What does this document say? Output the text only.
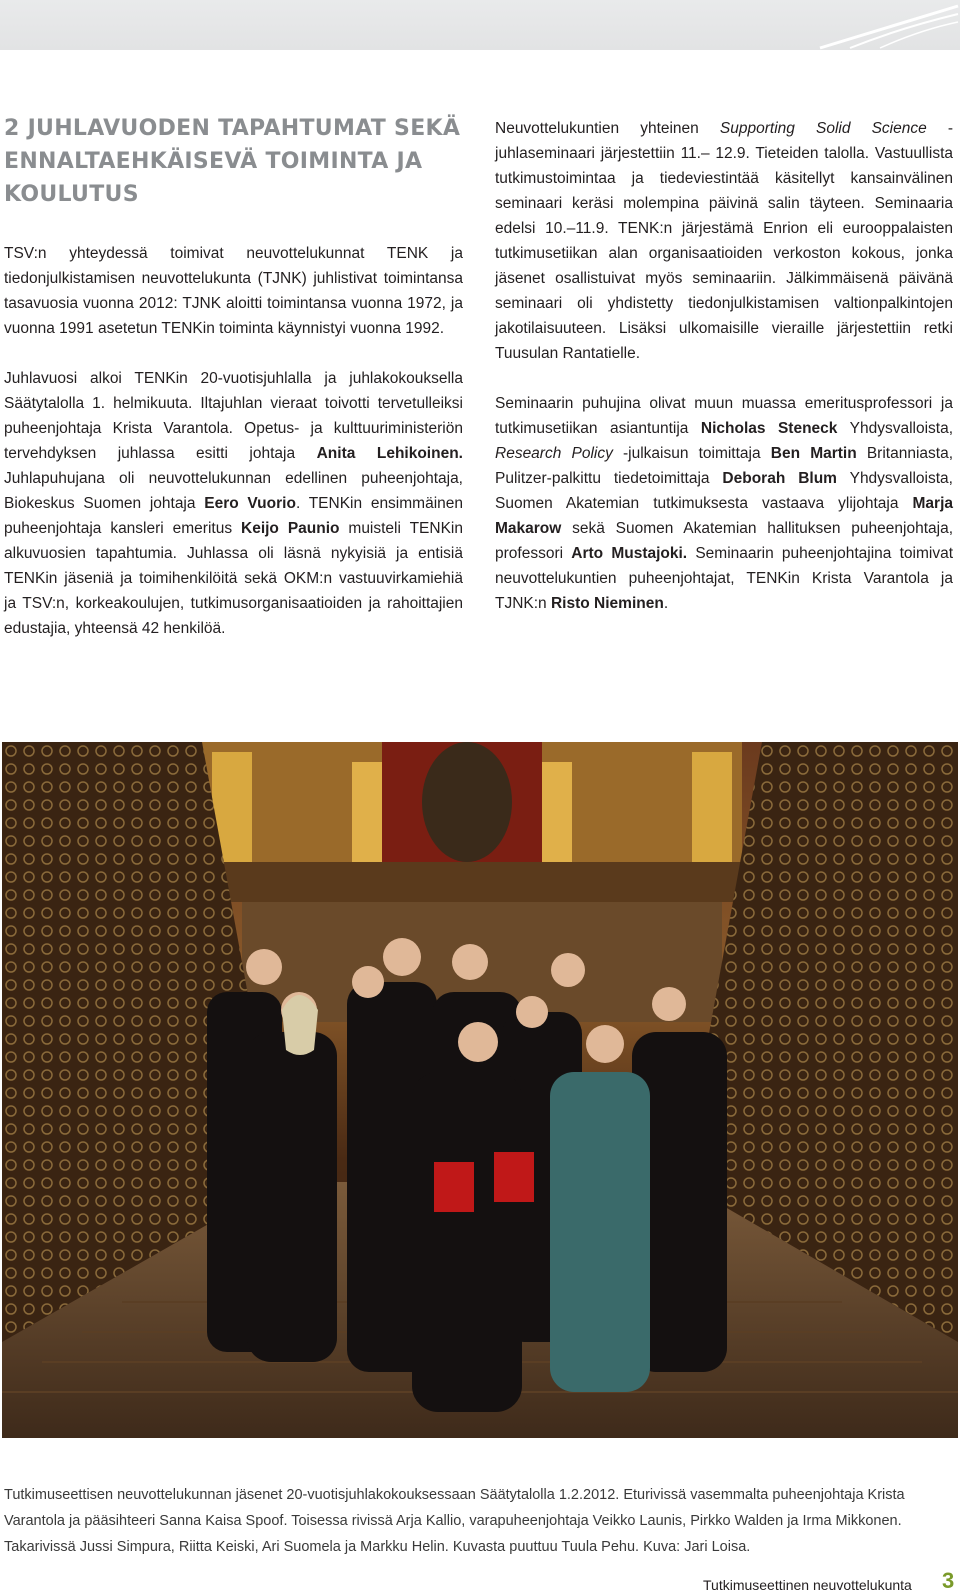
2 JUHLAVUODEN TAPAHTUMAT SEKÄ
ENNALTAEHKÄISEVÄ TOIMINTA JA
KOULUTUS

TSV:n yhteydessä toimivat neuvottelukunnat TENK ja tiedonjulkistamisen neuvottelukunta (TJNK) juhlistivat toimintansa tasavuosia vuonna 2012: TJNK aloitti toimintansa vuonna 1972, ja vuonna 1991 asetetun TENKin toiminta käynnistyi vuonna 1992.

Juhlavuosi alkoi TENKin 20-vuotisjuhlalla ja juhlakokouksella Säätytalolla 1. helmikuuta. Iltajuhlan vieraat toivotti tervetulleiksi puheenjohtaja Krista Varantola. Opetus- ja kulttuuriministeriön tervehdyksen juhlassa esitti johtaja Anita Lehikoinen. Juhlapuhujana oli neuvottelukunnan edellinen puheenjohtaja, Biokeskus Suomen johtaja Eero Vuorio. TENKin ensimmäinen puheenjohtaja kansleri emeritus Keijo Paunio muisteli TENKin alkuvuosien tapahtumia. Juhlassa oli läsnä nykyisiä ja entisiä TENKin jäseniä ja toimihenkilöitä sekä OKM:n vastuuvirkamiehiä ja TSV:n, korkeakoulujen, tutkimusorganisaatioiden ja rahoittajien edustajia, yhteensä 42 henkilöä.

Neuvottelukuntien yhteinen Supporting Solid Science -juhlaseminaari järjestettiin 11.– 12.9. Tieteiden talolla. Vastuullista tutkimustoimintaa ja tiedeviestintää käsitellyt kansainvälinen seminaari keräsi molempina päivinä salin täyteen. Seminaaria edelsi 10.–11.9. TENK:n järjestämä Enrion eli eurooppalaisten tutkimusetiikan alan organisaatioiden verkoston kokous, jonka jäsenet osallistuivat myös seminaariin. Jälkimmäisenä päivänä seminaari oli yhdistetty tiedonjulkistamisen valtionpalkintojen jakotilaisuuteen. Lisäksi ulkomaisille vieraille järjestettiin retki Tuusulan Rantatielle.

Seminaarin puhujina olivat muun muassa emeritusprofessori ja tutkimusetiikan asiantuntija Nicholas Steneck Yhdysvalloista, Research Policy -julkaisun toimittaja Ben Martin Britanniasta, Pulitzer-palkittu tiedetoimittaja Deborah Blum Yhdysvalloista, Suomen Akatemian tutkimuksesta vastaava ylijohtaja Marja Makarow sekä Suomen Akatemian hallituksen puheenjohtaja, professori Arto Mustajoki. Seminaarin puheenjohtajina toimivat neuvottelukuntien puheenjohtajat, TENKin Krista Varantola ja TJNK:n Risto Nieminen.

Tutkimuseettisen neuvottelukunnan jäsenet 20-vuotisjuhlakokouksessaan Säätytalolla 1.2.2012. Eturivissä vasemmalta puheenjohtaja Krista Varantola ja pääsihteeri Sanna Kaisa Spoof. Toisessa rivissä Arja Kallio, varapuheenjohtaja Veikko Launis, Pirkko Walden ja Irma Mikkonen. Takarivissä Jussi Simpura, Riitta Keiski, Ari Suomela ja Markku Helin. Kuvasta puuttuu Tuula Pehu. Kuva: Jari Loisa.

Tutkimuseettinen neuvottelukunta 3
